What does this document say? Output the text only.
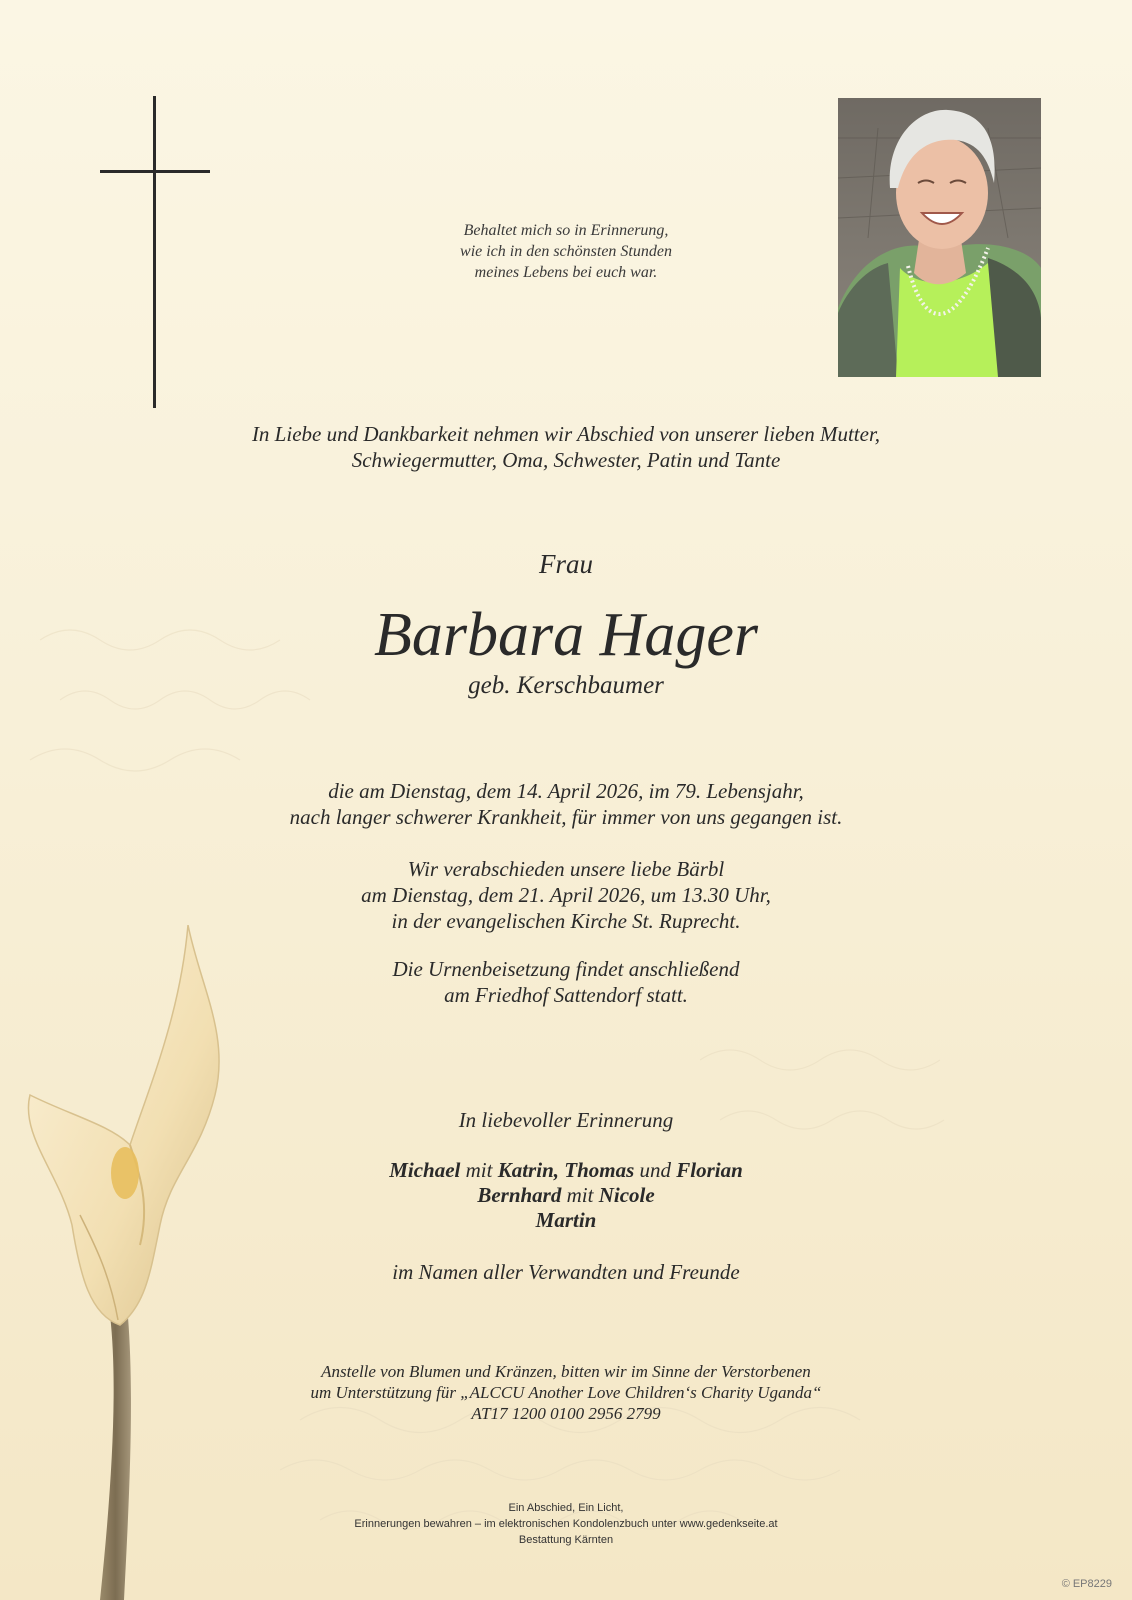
Behaltet mich so in Erinnerung,
wie ich in den schönsten Stunden
meines Lebens bei euch war.
In Liebe und Dankbarkeit nehmen wir Abschied von unserer lieben Mutter,
Schwiegermutter, Oma, Schwester, Patin und Tante
Frau
Barbara Hager
geb. Kerschbaumer
die am Dienstag, dem 14. April 2026, im 79. Lebensjahr,
nach langer schwerer Krankheit, für immer von uns gegangen ist.
Wir verabschieden unsere liebe Bärbl
am Dienstag, dem 21. April 2026, um 13.30 Uhr,
in der evangelischen Kirche St. Ruprecht.
Die Urnenbeisetzung findet anschließend
am Friedhof Sattendorf statt.
In liebevoller Erinnerung
Michael mit Katrin, Thomas und Florian
Bernhard mit Nicole
Martin
im Namen aller Verwandten und Freunde
Anstelle von Blumen und Kränzen, bitten wir im Sinne der Verstorbenen
um Unterstützung für „ALCCU Another Love Children‘s Charity Uganda“
AT17 1200 0100 2956 2799
Ein Abschied, Ein Licht,
Erinnerungen bewahren – im elektronischen Kondolenzbuch unter www.gedenkseite.at
Bestattung Kärnten
© EP8229
